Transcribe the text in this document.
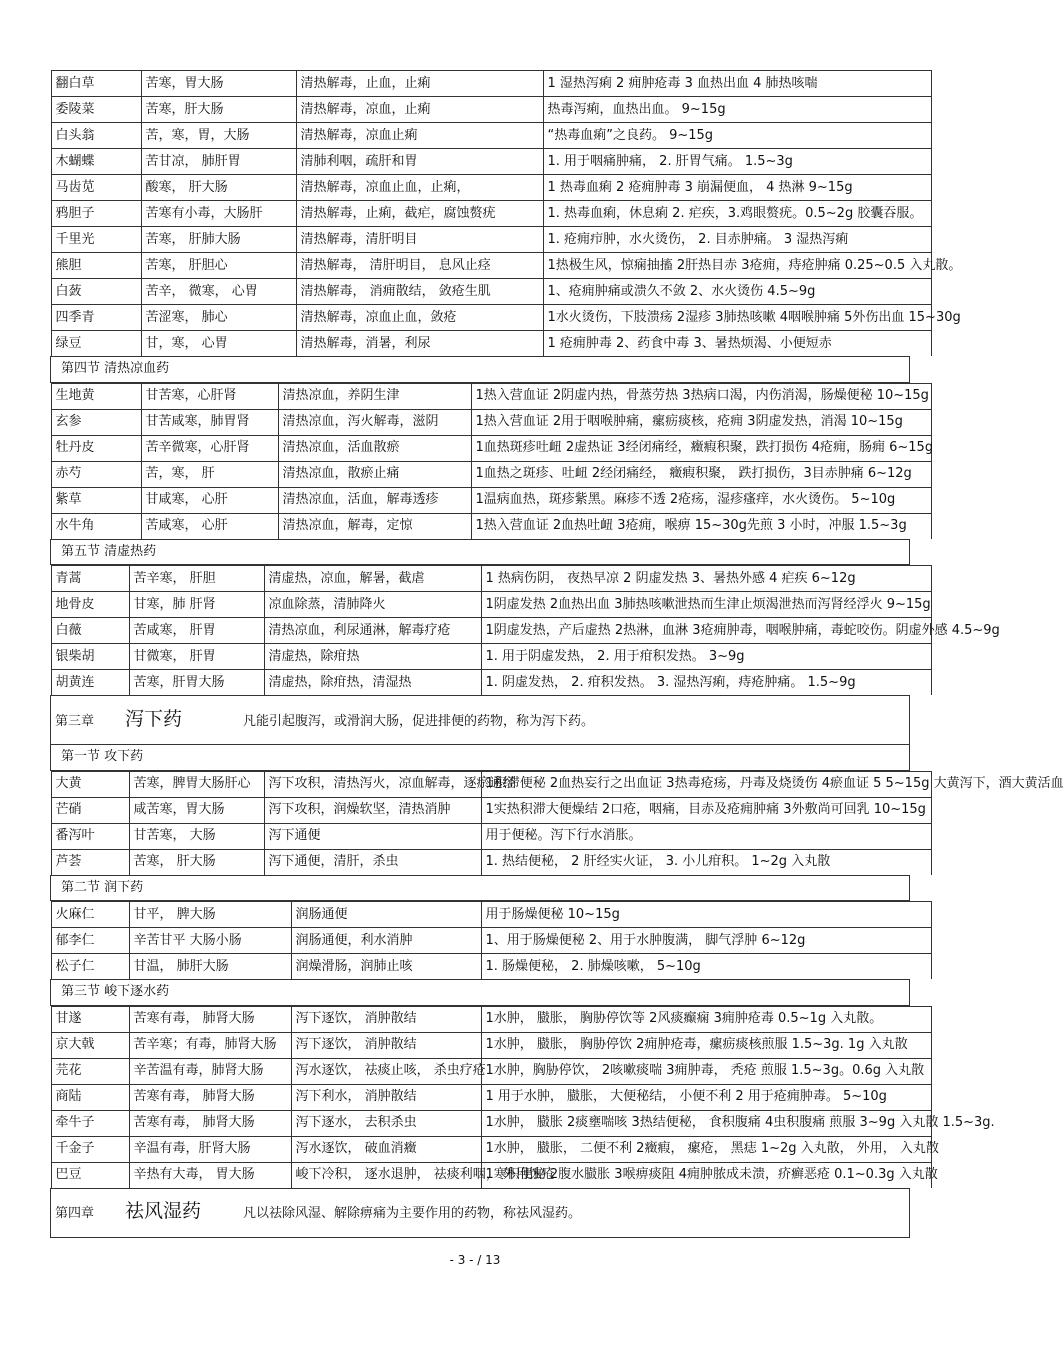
翻白草	苦寒，胃大肠	清热解毒，止血，止痢	1 湿热泻痢 2 痈肿疮毒 3 血热出血 4 肺热咳喘

委陵菜	苦寒，肝大肠	清热解毒，凉血，止痢	热毒泻痢，血热出血。 9~15g

白头翁	苦，寒，胃，大肠	清热解毒，凉血止痢	“热毒血痢”之良药。 9~15g

木蝴蝶	苦甘凉， 肺肝胃	清肺利咽，疏肝和胃	1. 用于咽痛肿痛， 2. 肝胃气痛。 1.5~3g

马齿苋	酸寒， 肝大肠	清热解毒，凉血止血，止痢，	1 热毒血痢 2 疮痈肿毒 3 崩漏便血， 4 热淋 9~15g

鸦胆子	苦寒有小毒，大肠肝	清热解毒，止痢，截疟，腐蚀赘疣	1. 热毒血痢，休息痢 2. 疟疾，3.鸡眼赘疣。0.5~2g 胶囊吞服。

千里光	苦寒， 肝肺大肠	清热解毒，清肝明目	1. 疮痈疖肿，水火烫伤， 2. 目赤肿痛。 3 湿热泻痢

熊胆	苦寒， 肝胆心	清热解毒， 清肝明目， 息风止痉	1热极生风，惊痫抽搐 2肝热目赤 3疮痈，痔疮肿痛 0.25~0.5 入丸散。

白蔹	苦辛， 微寒， 心胃	清热解毒， 消痈散结， 敛疮生肌	1、疮痈肿痛或溃久不敛 2、水火烫伤 4.5~9g

四季青	苦涩寒， 肺心	清热解毒，凉血止血，敛疮	1水火烫伤，下肢溃疡 2湿疹 3肺热咳嗽 4咽喉肿痛 5外伤出血 15~30g

绿豆	甘，寒， 心胃	清热解毒，消暑，利尿	1 疮痈肿毒 2、药食中毒 3、暑热烦渴、小便短赤

第四节 清热凉血药

生地黄	甘苦寒，心肝肾	清热凉血，养阴生津	1热入营血证 2阴虚内热，骨蒸劳热 3热病口渴，内伤消渴，肠燥便秘 10~15g

玄参	甘苦咸寒，肺胃肾	清热凉血，泻火解毒，滋阴	1热入营血证 2用于咽喉肿痛，瘰疬痰核，疮痈 3阴虚发热，消渴 10~15g

牡丹皮	苦辛微寒，心肝肾	清热凉血，活血散瘀	1血热斑疹吐衄 2虚热证 3经闭痛经，癥瘕积聚，跌打损伤 4疮痈，肠痈 6~15g

赤芍	苦，寒， 肝	清热凉血，散瘀止痛	1血热之斑疹、吐衄 2经闭痛经， 癥瘕积聚， 跌打损伤，3目赤肿痛 6~12g

紫草	甘咸寒， 心肝	清热凉血，活血，解毒透疹	1温病血热，斑疹紫黑。麻疹不透 2疮疡，湿疹瘙痒，水火烫伤。 5~10g

水牛角	苦咸寒， 心肝	清热凉血，解毒，定惊	1热入营血证 2血热吐衄 3疮痈，喉痹 15~30g先煎 3 小时，冲服 1.5~3g

第五节 清虚热药

青蒿	苦辛寒， 肝胆	清虚热，凉血，解暑，截虐	1 热病伤阴， 夜热早凉 2 阴虚发热 3、暑热外感 4 疟疾 6~12g

地骨皮	甘寒，肺 肝肾	凉血除蒸，清肺降火	1阴虚发热 2血热出血 3肺热咳嗽泄热而生津止烦渴泄热而泻肾经浮火 9~15g

白薇	苦咸寒， 肝胃	清热凉血，利尿通淋，解毒疗疮	1阴虚发热，产后虚热 2热淋，血淋 3疮痈肿毒，咽喉肿痛，毒蛇咬伤。阴虚外感 4.5~9g

银柴胡	甘微寒， 肝胃	清虚热，除疳热	1. 用于阴虚发热， 2. 用于疳积发热。 3~9g

胡黄连	苦寒，肝胃大肠	清虚热，除疳热，清湿热	1. 阴虚发热， 2. 疳积发热。 3. 湿热泻痢，痔疮肿痛。 1.5~9g
第三章 泻下药	凡能引起腹泻，或滑润大肠，促进排便的药物，称为泻下药。
第一节 攻下药

大黄	苦寒，脾胃大肠肝心	泻下攻积，清热泻火，凉血解毒，逐瘀通经	1积滞便秘 2血热妄行之出血证 3热毒疮疡，丹毒及烧烫伤 4瘀血证 5 5~15g 大黄泻下，酒大黄活血

芒硝	咸苦寒，胃大肠	泻下攻积，润燥软坚，清热消肿	1实热积滞大便燥结 2口疮，咽痛，目赤及疮痈肿痛 3外敷尚可回乳 10~15g

番泻叶	甘苦寒， 大肠	泻下通便	用于便秘。泻下行水消胀。

芦荟	苦寒， 肝大肠	泻下通便，清肝，杀虫	1. 热结便秘， 2 肝经实火证， 3. 小儿疳积。 1~2g 入丸散

第二节 润下药

火麻仁	甘平， 脾大肠	润肠通便	用于肠燥便秘 10~15g

郁李仁	辛苦甘平 大肠小肠	润肠通便，利水消肿	1、用于肠燥便秘 2、用于水肿腹满， 脚气浮肿 6~12g

松子仁	甘温， 肺肝大肠	润燥滑肠，润肺止咳	1. 肠燥便秘， 2. 肺燥咳嗽， 5~10g

第三节 峻下逐水药

甘遂	苦寒有毒， 肺肾大肠	泻下逐饮， 消肿散结	1水肿， 臌胀， 胸胁停饮等 2风痰癫痫 3痈肿疮毒 0.5~1g 入丸散。

京大戟	苦辛寒；有毒，肺肾大肠	泻下逐饮， 消肿散结	1水肿， 臌胀， 胸胁停饮 2痈肿疮毒，瘰疬痰核煎服 1.5~3g. 1g 入丸散

芫花	辛苦温有毒，肺肾大肠	泻水逐饮， 祛痰止咳， 杀虫疗疮	1水肿，胸胁停饮， 2咳嗽痰喘 3痈肿毒， 秃疮 煎服 1.5~3g。0.6g 入丸散

商陆	苦寒有毒， 肺肾大肠	泻下利水， 消肿散结	1 用于水肿， 臌胀， 大便秘结， 小便不利 2 用于疮痈肿毒。 5~10g

牵牛子	苦寒有毒， 肺肾大肠	泻下逐水， 去积杀虫	1水肿， 臌胀 2痰壅喘咳 3热结便秘， 食积腹痛 4虫积腹痛 煎服 3~9g 入丸散 1.5~3g.

千金子	辛温有毒，肝肾大肠	泻水逐饮， 破血消癥	1水肿， 臌胀， 二便不利 2癥瘕， 瘰疮， 黑痣 1~2g 入丸散， 外用， 入丸散

巴豆	辛热有大毒， 胃大肠	峻下冷积， 逐水退肿， 祛痰利咽， 外用蚀疮	1寒积便秘 2腹水臌胀 3喉痹痰阻 4痈肿脓成未溃，疥癣恶疮 0.1~0.3g 入丸散

第四章 祛风湿药	凡以祛除风湿、解除痹痛为主要作用的药物，称祛风湿药。
- 3 - / 13
